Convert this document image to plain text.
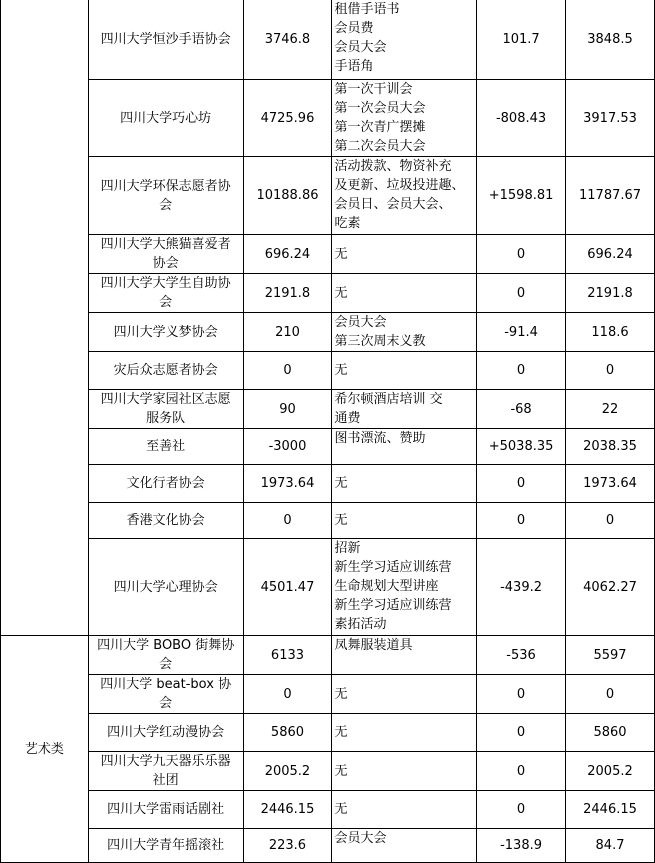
	四川大学恒沙手语协会	3746.8	租借手语书
会员费
会员大会
手语角	101.7	3848.5

	四川大学巧心坊	4725.96	第一次干训会
第一次会员大会
第一次青广摆摊
第二次会员大会	-808.43	3917.53

	四川大学环保志愿者协
会	10188.86	活动拨款、物资补充
及更新、垃圾投进趣、
会员日、会员大会、
吃素	+1598.81	11787.67

	四川大学大熊猫喜爱者
协会	696.24	无	0	696.24

	四川大学大学生自助协
会	2191.8	无	0	2191.8

	四川大学义梦协会	210	会员大会
第三次周末义教	-91.4	118.6

	灾后众志愿者协会	0	无	0	0

	四川大学家园社区志愿
服务队	90	希尔顿酒店培训 交
通费	-68	22

	至善社	-3000	图书漂流、赞助	+5038.35	2038.35

	文化行者协会	1973.64	无	0	1973.64

	香港文化协会	0	无	0	0

	四川大学心理协会	4501.47	招新
新生学习适应训练营
生命规划大型讲座
新生学习适应训练营
素拓活动	-439.2	4062.27
艺术类	四川大学 BOBO 街舞协
会	6133	凤舞服装道具	-536	5597

	四川大学 beat-box 协
会	0	无	0	0

	四川大学红动漫协会	5860	无	0	5860

	四川大学九天器乐乐器
社团	2005.2	无	0	2005.2

	四川大学雷雨话剧社	2446.15	无	0	2446.15

	四川大学青年摇滚社	223.6	会员大会	-138.9	84.7
